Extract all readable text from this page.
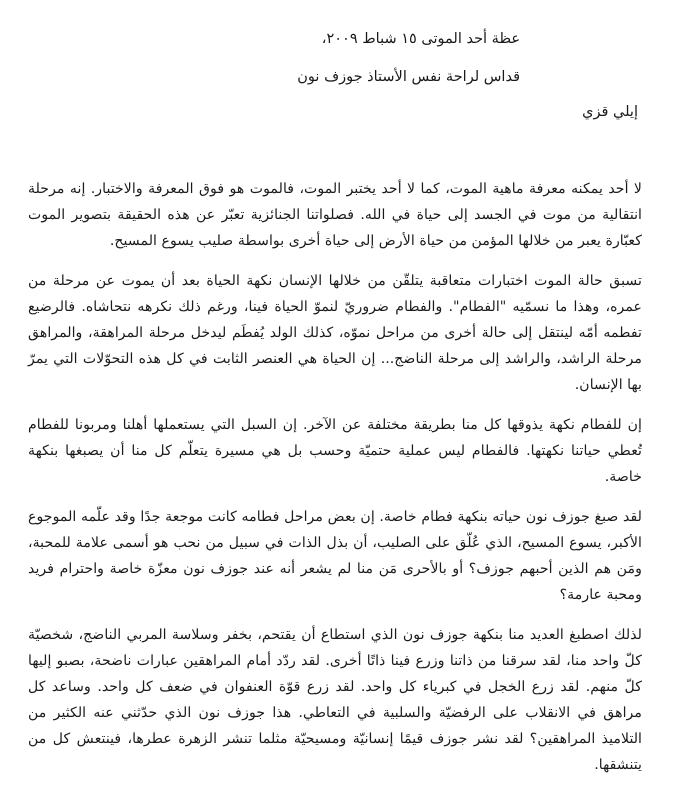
عظة أحد الموتى ١٥ شباط ٢٠٠٩،
قداس لراحة نفس الأستاذ جوزف نون
إيلي قزي

لا أحد يمكنه معرفة ماهية الموت، كما لا أحد يختبر الموت، فالموت هو فوق المعرفة والاختبار. إنه مرحلة انتقالية من موت في الجسد إلى حياة في الله. فصلواتنا الجنائزية تعبّر عن هذه الحقيقة بتصوير الموت كعبّارة يعبر من خلالها المؤمن من حياة الأرض إلى حياة أخرى بواسطة صليب يسوع المسيح.

تسبق حالة الموت اختبارات متعاقبة يتلقّن من خلالها الإنسان نكهة الحياة بعد أن يموت عن مرحلة من عمره، وهذا ما نسمّيه "الفطام". والفطام ضروريّ لنموّ الحياة فينا، ورغم ذلك نكرهه نتحاشاه. فالرضيع تفطمه أمّه لينتقل إلى حالة أخرى من مراحل نموّه، كذلك الولد يُفطَم ليدخل مرحلة المراهقة، والمراهق مرحلة الراشد، والراشد إلى مرحلة الناضج... إن الحياة هي العنصر الثابت في كل هذه التحوّلات التي يمرّ بها الإنسان.

إن للفطام نكهة يذوقها كل منا بطريقة مختلفة عن الآخر. إن السبل التي يستعملها أهلنا ومربونا للفطام تُعطي حياتنا نكهتها. فالفطام ليس عملية حتميّة وحسب بل هي مسيرة يتعلّم كل منا أن يصبغها بنكهة خاصة.

لقد صبغ جوزف نون حياته بنكهة فطام خاصة. إن بعض مراحل فطامه كانت موجعة جدًا وقد علّمه الموجوع الأكبر، يسوع المسيح، الذي عُلّق على الصليب، أن بذل الذات في سبيل من نحب هو أسمى علامة للمحبة، ومَن هم الذين أحبهم جوزف؟ أو بالأحرى مَن منا لم يشعر أنه عند جوزف نون معزّة خاصة واحترام فريد ومحبة عارمة؟

لذلك اصطبغ العديد منا بنكهة جوزف نون الذي استطاع أن يقتحم، بخفر وسلاسة المربي الناضج، شخصيّة كلّ واحد منا، لقد سرقنا من ذاتنا وزرع فينا ذاتًا أخرى. لقد ردّد أمام المراهقين عبارات ناضحة، بصبو إليها كلّ منهم. لقد زرع الخجل في كبرياء كل واحد. لقد زرع قوّة العنفوان في ضعف كل واحد. وساعد كل مراهق في الانقلاب على الرفضيّة والسلبية في التعاطي. هذا جوزف نون الذي حدّثني عنه الكثير من التلاميذ المراهقين؟ لقد نشر جوزف قيمًا إنسانيّة ومسيحيّة مثلما تنشر الزهرة عطرها، فينتعش كل من يتنشقها.
